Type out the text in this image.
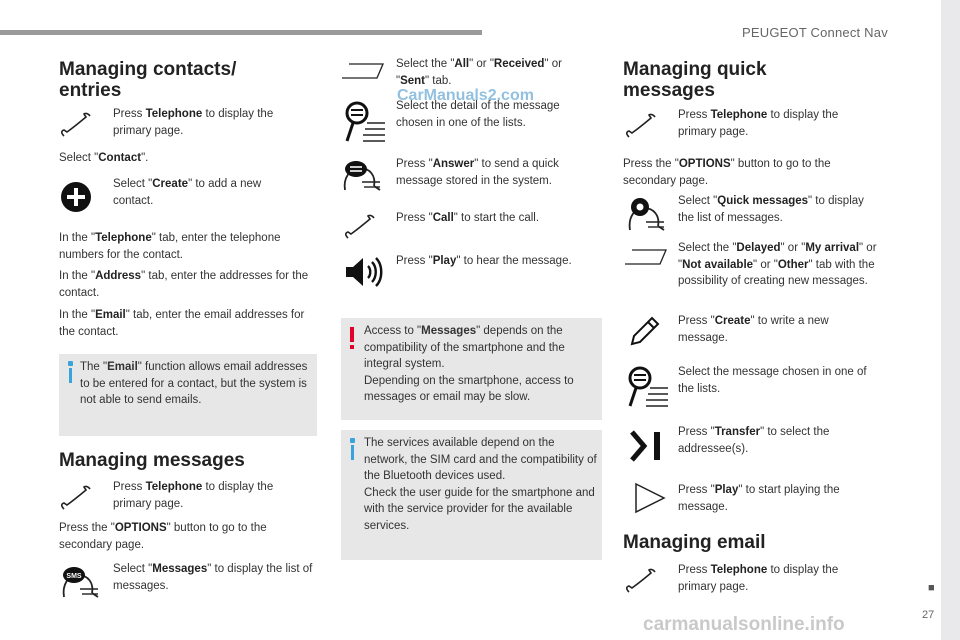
PEUGEOT Connect Nav
■
27
CarManuals2.com
carmanualsonline.info
Managing contacts/ entries
Press Telephone to display the primary page.
Select "Contact".
Select "Create" to add a new contact.
In the "Telephone" tab, enter the telephone numbers for the contact.
In the "Address" tab, enter the addresses for the contact.
In the "Email" tab, enter the email addresses for the contact.
The "Email" function allows email addresses to be entered for a contact, but the system is not able to send emails.
Managing messages
Press Telephone to display the primary page.
Press the "OPTIONS" button to go to the secondary page.
SMS
Select "Messages" to display the list of messages.
Select the "All" or "Received" or "Sent" tab.
Select the detail of the message chosen in one of the lists.
Press "Answer" to send a quick message stored in the system.
Press "Call" to start the call.
Press "Play" to hear the message.
Access to "Messages" depends on the compatibility of the smartphone and the integral system.
Depending on the smartphone, access to messages or email may be slow.
The services available depend on the network, the SIM card and the compatibility of the Bluetooth devices used.
Check the user guide for the smartphone and with the service provider for the available services.
Managing quick messages
Press Telephone to display the primary page.
Press the "OPTIONS" button to go to the secondary page.
Select "Quick messages" to display the list of messages.
Select the "Delayed" or "My arrival" or "Not available" or "Other" tab with the possibility of creating new messages.
Press "Create" to write a new message.
Select the message chosen in one of the lists.
Press "Transfer" to select the addressee(s).
Press "Play" to start playing the message.
Managing email
Press Telephone to display the primary page.
